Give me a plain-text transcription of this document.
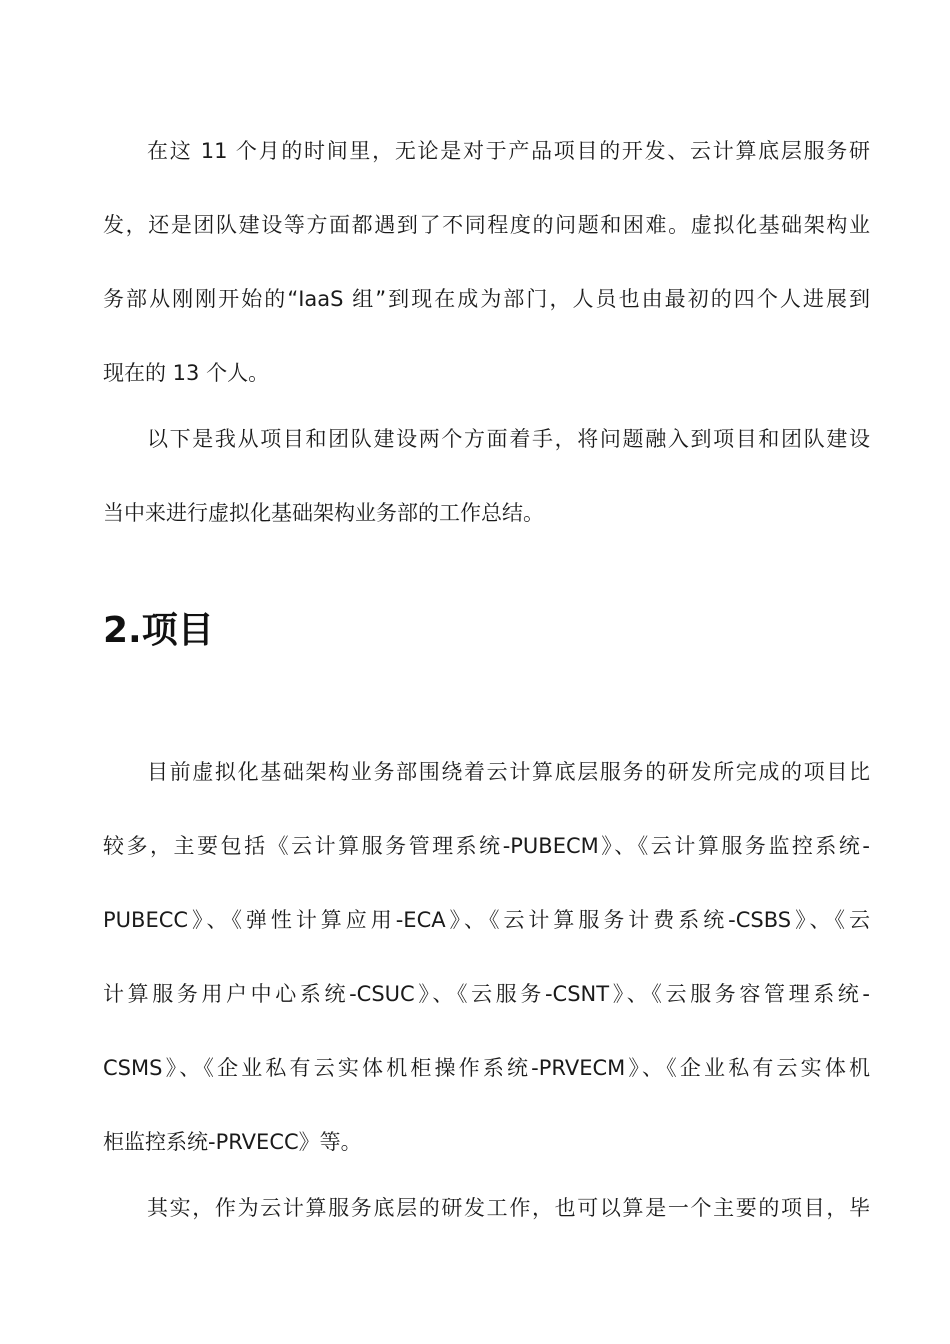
在这 11 个月的时间里，无论是对于产品项目的开发、云计算底层服务研
发，还是团队建设等方面都遇到了不同程度的问题和困难。虚拟化基础架构业
务部从刚刚开始的“IaaS 组”到现在成为部门，人员也由最初的四个人进展到
现在的 13 个人。
以下是我从项目和团队建设两个方面着手，将问题融入到项目和团队建设
当中来进行虚拟化基础架构业务部的工作总结。
2.项目
目前虚拟化基础架构业务部围绕着云计算底层服务的研发所完成的项目比
较多，主要包括《云计算服务管理系统-PUBECM》、《云计算服务监控系统-
PUBECC》、《弹性计算应用-ECA》、《云计算服务计费系统-CSBS》、《云
计算服务用户中心系统-CSUC》、《云服务-CSNT》、《云服务容管理系统-
CSMS》、《企业私有云实体机柜操作系统-PRVECM》、《企业私有云实体机
柜监控系统-PRVECC》等。
其实，作为云计算服务底层的研发工作，也可以算是一个主要的项目，毕
